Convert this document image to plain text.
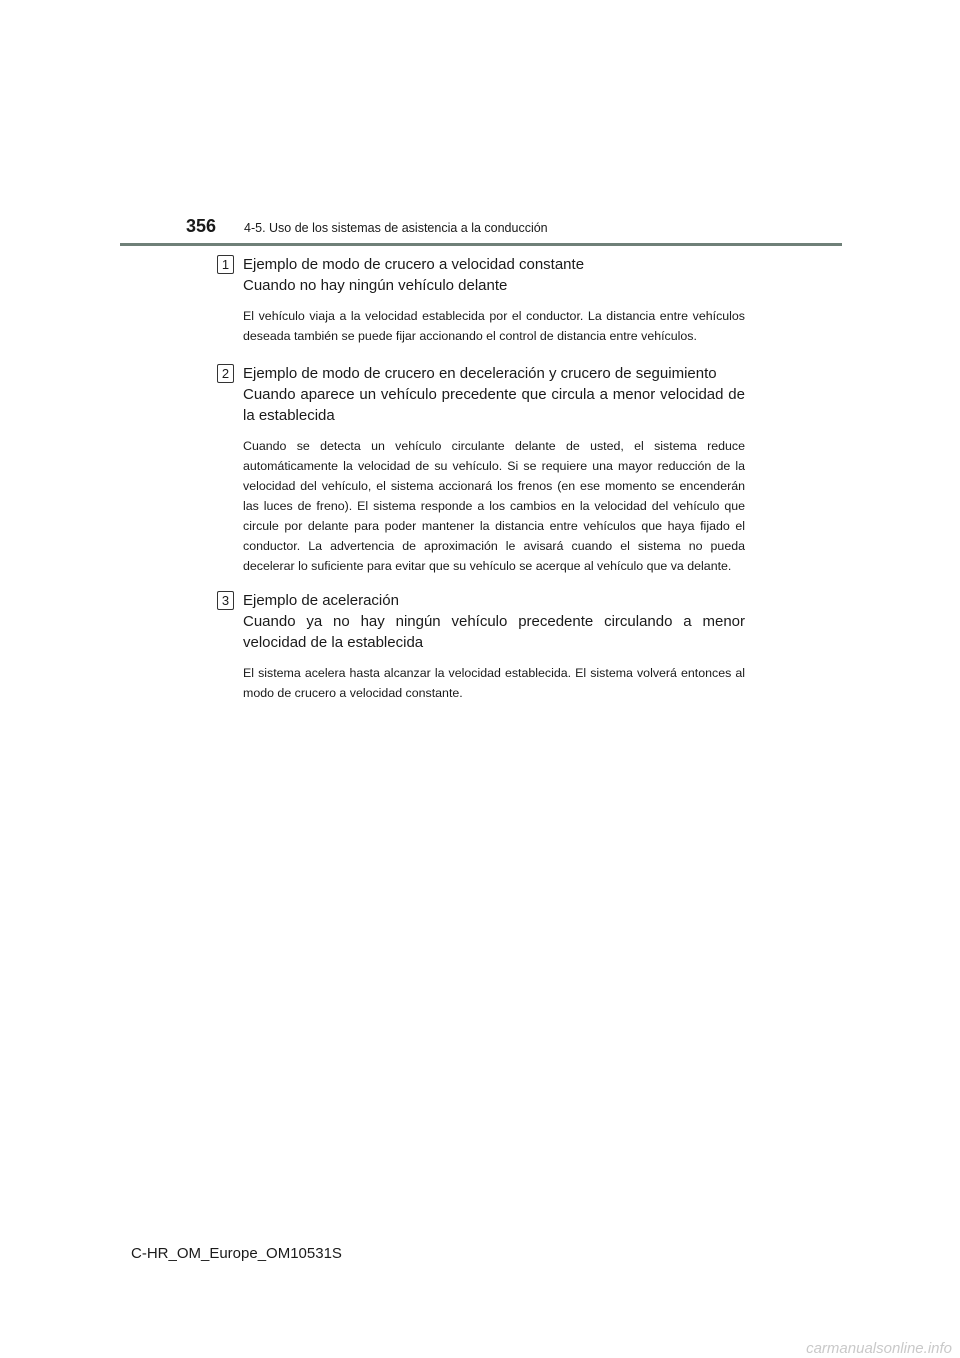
356 4-5. Uso de los sistemas de asistencia a la conducción
1 Ejemplo de modo de crucero a velocidad constante
Cuando no hay ningún vehículo delante

El vehículo viaja a la velocidad establecida por el conductor. La distancia entre vehículos deseada también se puede fijar accionando el control de distancia entre vehículos.

2 Ejemplo de modo de crucero en deceleración y crucero de seguimiento
Cuando aparece un vehículo precedente que circula a menor velocidad de la establecida

Cuando se detecta un vehículo circulante delante de usted, el sistema reduce automáticamente la velocidad de su vehículo. Si se requiere una mayor reducción de la velocidad del vehículo, el sistema accionará los frenos (en ese momento se encenderán las luces de freno). El sistema responde a los cambios en la velocidad del vehículo que circule por delante para poder mantener la distancia entre vehículos que haya fijado el conductor. La advertencia de aproximación le avisará cuando el sistema no pueda decelerar lo suficiente para evitar que su vehículo se acerque al vehículo que va delante.

3 Ejemplo de aceleración
Cuando ya no hay ningún vehículo precedente circulando a menor velocidad de la establecida

El sistema acelera hasta alcanzar la velocidad establecida. El sistema volverá entonces al modo de crucero a velocidad constante.

C-HR_OM_Europe_OM10531S
carmanualsonline.info
